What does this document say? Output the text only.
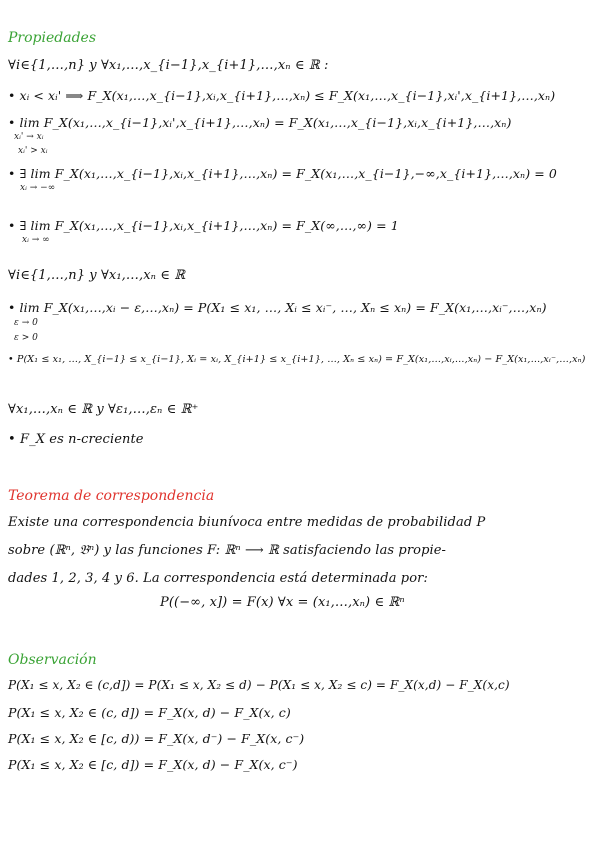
Propiedades
∀i∈{1,…,n} y ∀x₁,…,x_{i−1},x_{i+1},…,xₙ ∈ ℝ :
• xᵢ < xᵢ' ⟹ F_X(x₁,…,x_{i−1},xᵢ,x_{i+1},…,xₙ) ≤ F_X(x₁,…,x_{i−1},xᵢ',x_{i+1},…,xₙ)
• lim F_X(x₁,…,x_{i−1},xᵢ',x_{i+1},…,xₙ) = F_X(x₁,…,x_{i−1},xᵢ,x_{i+1},…,xₙ)
xᵢ' → xᵢ
xᵢ' > xᵢ
• ∃ lim F_X(x₁,…,x_{i−1},xᵢ,x_{i+1},…,xₙ) = F_X(x₁,…,x_{i−1},−∞,x_{i+1},…,xₙ) = 0
xᵢ → −∞
• ∃ lim F_X(x₁,…,x_{i−1},xᵢ,x_{i+1},…,xₙ) = F_X(∞,…,∞) = 1
xᵢ → ∞
∀i∈{1,…,n} y ∀x₁,…,xₙ ∈ ℝ
• lim F_X(x₁,…,xᵢ − ε,…,xₙ) = P(X₁ ≤ x₁, …, Xᵢ ≤ xᵢ⁻, …, Xₙ ≤ xₙ) = F_X(x₁,…,xᵢ⁻,…,xₙ)
ε → 0
ε > 0
• P(X₁ ≤ x₁, …, X_{i−1} ≤ x_{i−1}, Xᵢ = xᵢ, X_{i+1} ≤ x_{i+1}, …, Xₙ ≤ xₙ) = F_X(x₁,…,xᵢ,…,xₙ) − F_X(x₁,…,xᵢ⁻,…,xₙ)
∀x₁,…,xₙ ∈ ℝ y ∀ε₁,…,εₙ ∈ ℝ⁺
• F_X es n-creciente
Teorema de correspondencia
Existe una correspondencia biunívoca entre medidas de probabilidad P
sobre (ℝⁿ, 𝔅ⁿ) y las funciones F: ℝⁿ ⟶ ℝ satisfaciendo las propie-
dades 1, 2, 3, 4 y 6. La correspondencia está determinada por:
P((−∞, x]) = F(x) ∀x = (x₁,…,xₙ) ∈ ℝⁿ
Observación
P(X₁ ≤ x, X₂ ∈ (c,d]) = P(X₁ ≤ x, X₂ ≤ d) − P(X₁ ≤ x, X₂ ≤ c) = F_X(x,d) − F_X(x,c)
P(X₁ ≤ x, X₂ ∈ (c, d]) = F_X(x, d) − F_X(x, c)
P(X₁ ≤ x, X₂ ∈ [c, d)) = F_X(x, d⁻) − F_X(x, c⁻)
P(X₁ ≤ x, X₂ ∈ [c, d]) = F_X(x, d) − F_X(x, c⁻)
